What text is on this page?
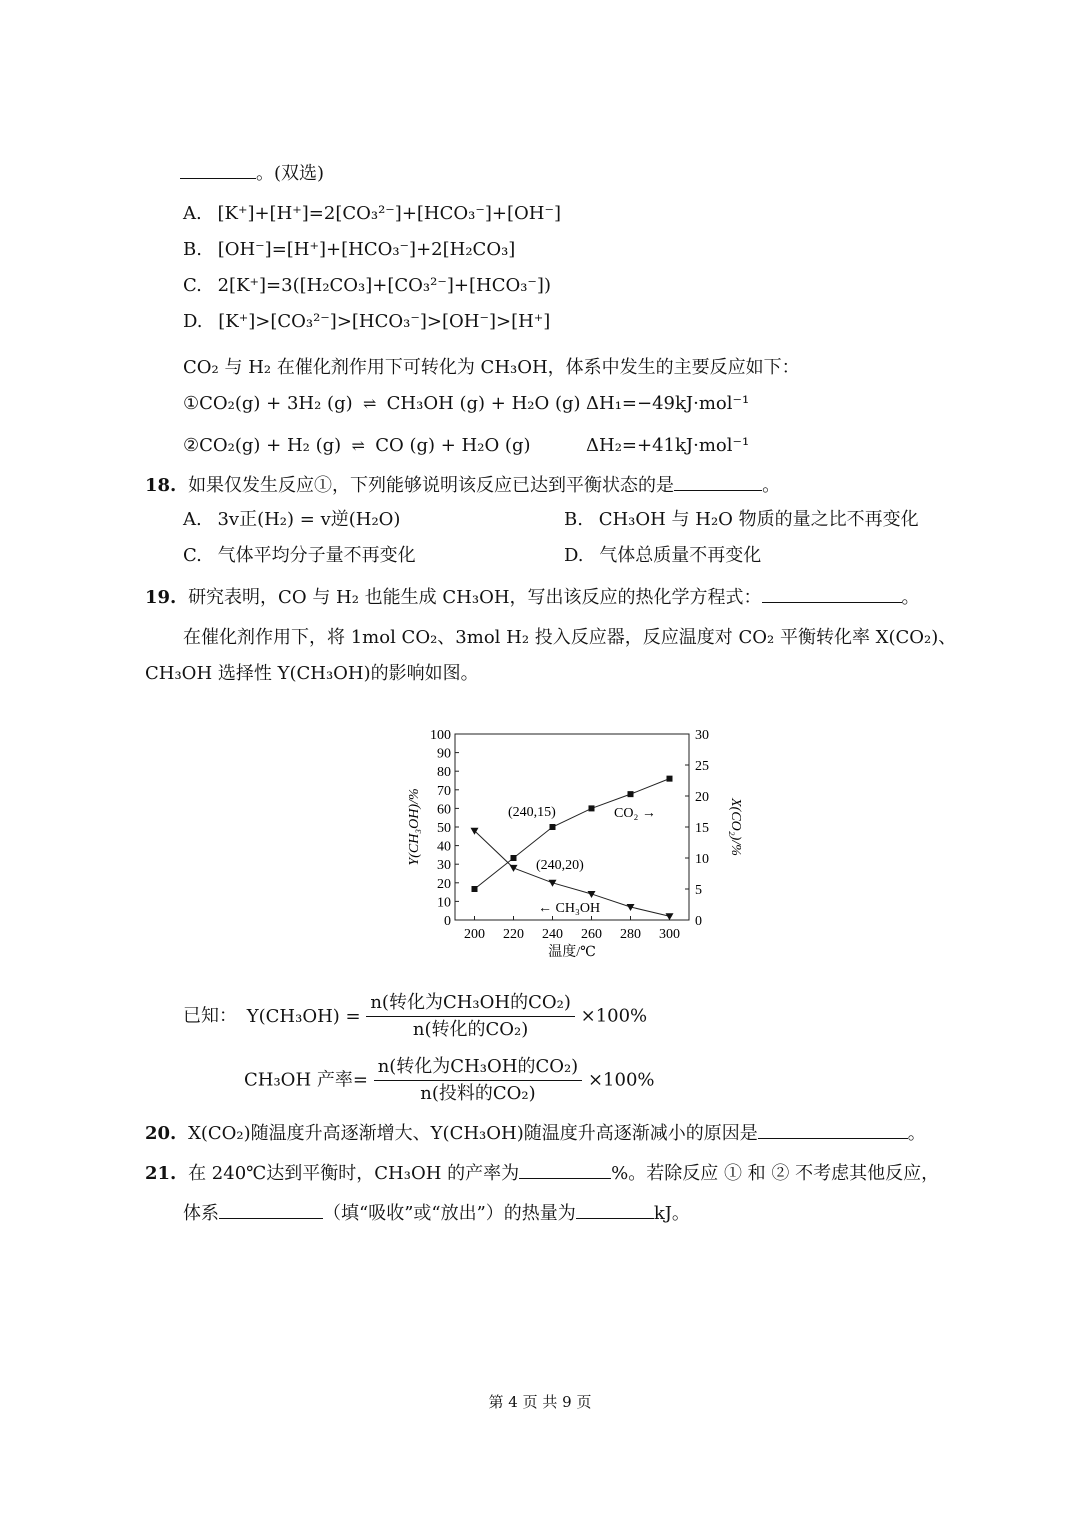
。(双选)
A. [K⁺]+[H⁺]=2[CO₃²⁻]+[HCO₃⁻]+[OH⁻]
B. [OH⁻]=[H⁺]+[HCO₃⁻]+2[H₂CO₃]
C. 2[K⁺]=3([H₂CO₃]+[CO₃²⁻]+[HCO₃⁻])
D. [K⁺]>[CO₃²⁻]>[HCO₃⁻]>[OH⁻]>[H⁺]
CO₂ 与 H₂ 在催化剂作用下可转化为 CH₃OH，体系中发生的主要反应如下：
①CO₂(g) + 3H₂ (g) ⇌ CH₃OH (g) + H₂O (g) ΔH₁=−49kJ·mol⁻¹
②CO₂(g) + H₂ (g) ⇌ CO (g) + H₂O (g)	ΔH₂=+41kJ·mol⁻¹
18. 如果仅发生反应①，下列能够说明该反应已达到平衡状态的是	。
A. 3v正(H₂) = v逆(H₂O)	B. CH₃OH 与 H₂O 物质的量之比不再变化
C. 气体平均分子量不再变化	D. 气体总质量不再变化
19. 研究表明，CO 与 H₂ 也能生成 CH₃OH，写出该反应的热化学方程式：	。
在催化剂作用下，将 1mol CO₂、3mol H₂ 投入反应器，反应温度对 CO₂ 平衡转化率 X(CO₂)、
CH₃OH 选择性 Y(CH₃OH)的影响如图。
0
10
20
30
40
50
60
70
80
90
100
0
5
10
15
20
25
30
200 220 240 260 280 300
Y(CH₃OH)/%	X(CO₂)/%
温度/℃
(240,15)
(240,20)
CO₂ →
← CH₃OH
已知： $Y(CH_3OH) = \frac{\text{n(转化为CH₃OH的CO₂)}}{\text{n(转化的CO₂)}} \times 100\%$
CH₃OH 产率= $\frac{\text{n(转化为CH₃OH的CO₂)}}{\text{n(投料的CO₂)}} \times 100\%$
20. X(CO₂)随温度升高逐渐增大、Y(CH₃OH)随温度升高逐渐减小的原因是	。
21. 在 240℃达到平衡时，CH₃OH 的产率为	%。若除反应 ① 和 ② 不考虑其他反应，
体系	（填“吸收”或“放出”）的热量为	kJ。
第 4 页 共 9 页
